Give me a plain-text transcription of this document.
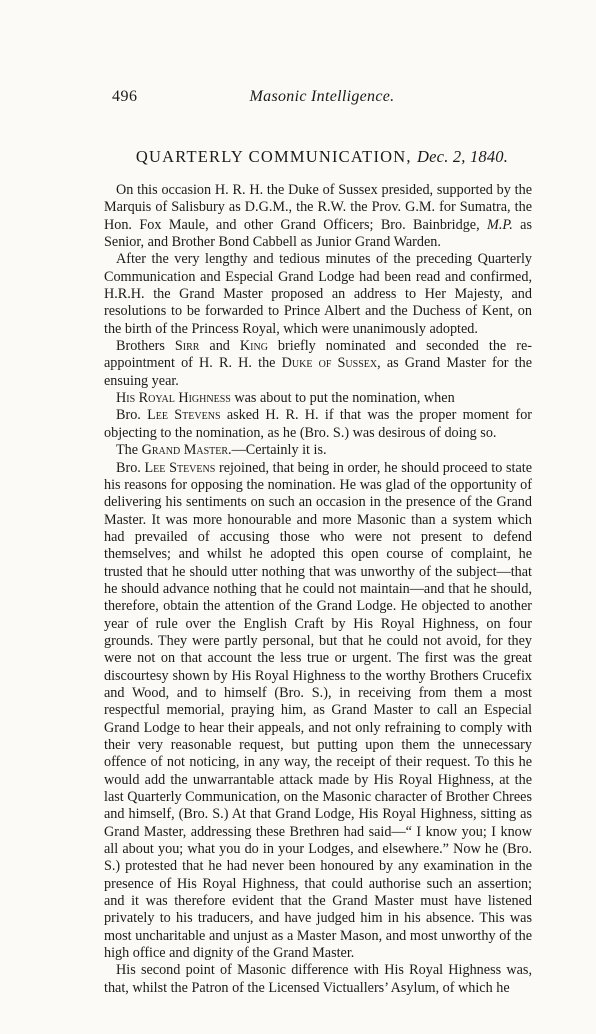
496	Masonic Intelligence.
QUARTERLY COMMUNICATION, Dec. 2, 1840.

On this occasion H. R. H. the Duke of Sussex presided, supported by the Marquis of Salisbury as D.G.M., the R.W. the Prov. G.M. for Sumatra, the Hon. Fox Maule, and other Grand Officers; Bro. Bainbridge, M.P. as Senior, and Brother Bond Cabbell as Junior Grand Warden.

After the very lengthy and tedious minutes of the preceding Quarterly Communication and Especial Grand Lodge had been read and confirmed, H.R.H. the Grand Master proposed an address to Her Majesty, and resolutions to be forwarded to Prince Albert and the Duchess of Kent, on the birth of the Princess Royal, which were unanimously adopted.

Brothers Sirr and King briefly nominated and seconded the re-appointment of H. R. H. the Duke of Sussex, as Grand Master for the ensuing year.

His Royal Highness was about to put the nomination, when

Bro. Lee Stevens asked H. R. H. if that was the proper moment for objecting to the nomination, as he (Bro. S.) was desirous of doing so.

The Grand Master.—Certainly it is.

Bro. Lee Stevens rejoined, that being in order, he should proceed to state his reasons for opposing the nomination. He was glad of the opportunity of delivering his sentiments on such an occasion in the presence of the Grand Master. It was more honourable and more Masonic than a system which had prevailed of accusing those who were not present to defend themselves; and whilst he adopted this open course of complaint, he trusted that he should utter nothing that was unworthy of the subject—that he should advance nothing that he could not maintain—and that he should, therefore, obtain the attention of the Grand Lodge. He objected to another year of rule over the English Craft by His Royal Highness, on four grounds. They were partly personal, but that he could not avoid, for they were not on that account the less true or urgent. The first was the great discourtesy shown by His Royal Highness to the worthy Brothers Crucefix and Wood, and to himself (Bro. S.), in receiving from them a most respectful memorial, praying him, as Grand Master to call an Especial Grand Lodge to hear their appeals, and not only refraining to comply with their very reasonable request, but putting upon them the unnecessary offence of not noticing, in any way, the receipt of their request. To this he would add the unwarrantable attack made by His Royal Highness, at the last Quarterly Communication, on the Masonic character of Brother Chrees and himself, (Bro. S.) At that Grand Lodge, His Royal Highness, sitting as Grand Master, addressing these Brethren had said—“ I know you; I know all about you; what you do in your Lodges, and elsewhere.” Now he (Bro. S.) protested that he had never been honoured by any examination in the presence of His Royal Highness, that could authorise such an assertion; and it was therefore evident that the Grand Master must have listened privately to his traducers, and have judged him in his absence. This was most uncharitable and unjust as a Master Mason, and most unworthy of the high office and dignity of the Grand Master.

His second point of Masonic difference with His Royal Highness was, that, whilst the Patron of the Licensed Victuallers’ Asylum, of which he
